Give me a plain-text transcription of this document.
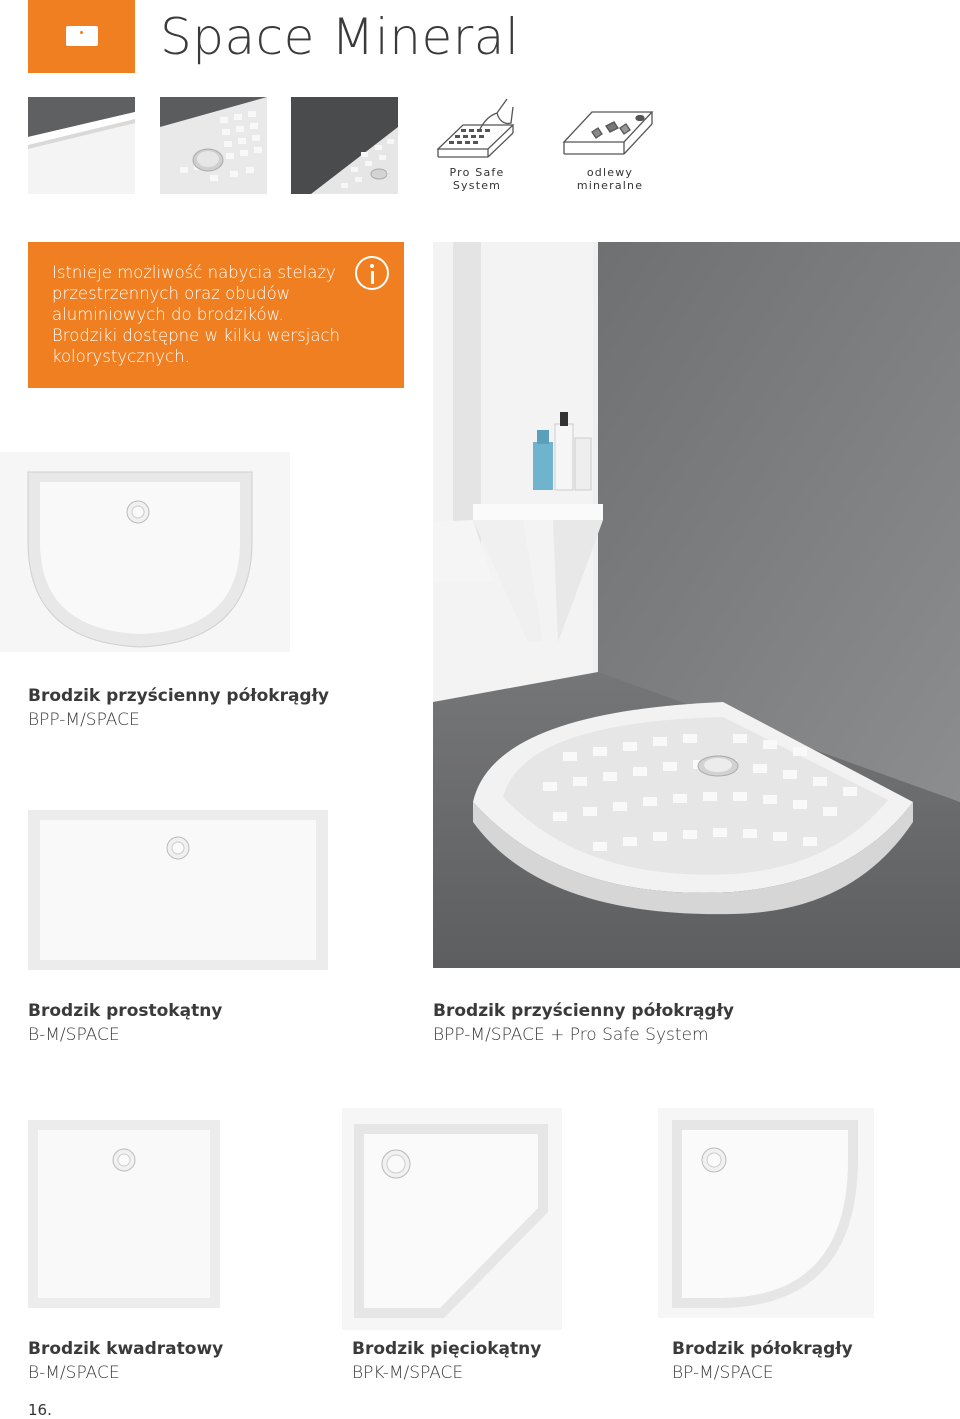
Space Mineral
Pro Safe
System
odlewy
mineralne
Istnieje możliwość nabycia stelaży
przestrzennych oraz obudów
aluminiowych do brodzików.
Brodziki dostępne w kilku wersjach
kolorystycznych.
Brodzik przyścienny półokrągły
BPP-M/SPACE
Brodzik prostokątny
B-M/SPACE
Brodzik przyścienny półokrągły
BPP-M/SPACE + Pro Safe System
Brodzik kwadratowy
B-M/SPACE
Brodzik pięciokątny
BPK-M/SPACE
Brodzik półokrągły
BP-M/SPACE
16.
